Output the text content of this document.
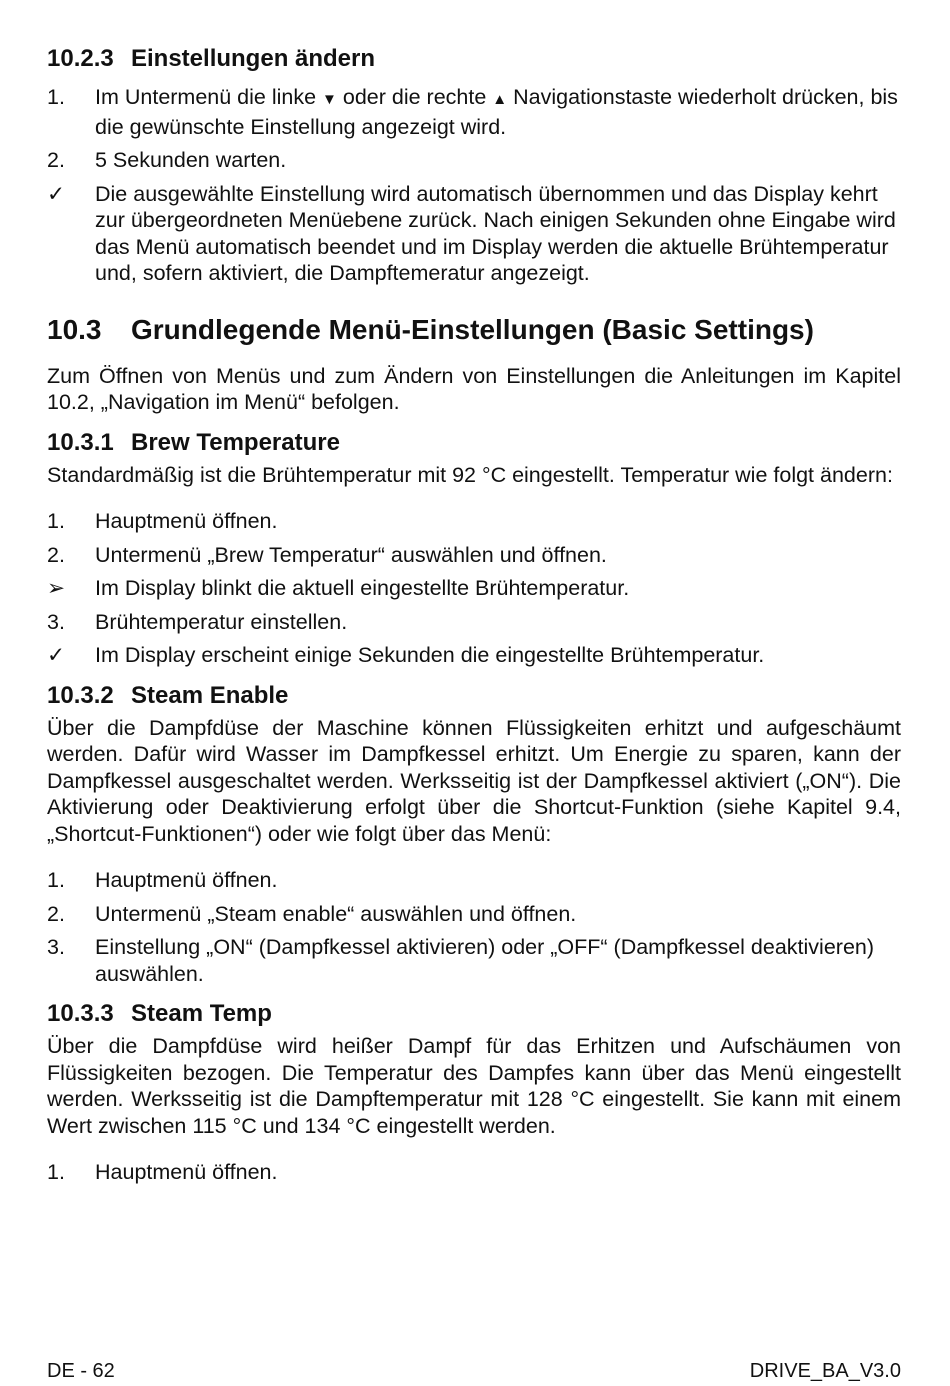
10.2.3 Einstellungen ändern
1.	Im Untermenü die linke ▼ oder die rechte ▲ Navigationstaste wiederholt drücken, bis die gewünschte Einstellung angezeigt wird.
2.	5 Sekunden warten.
✓	Die ausgewählte Einstellung wird automatisch übernommen und das Display kehrt zur übergeordneten Menüebene zurück. Nach einigen Sekunden ohne Eingabe wird das Menü automatisch beendet und im Display werden die aktuelle Brühtemperatur und, sofern aktiviert, die Dampftemeratur angezeigt.
10.3 Grundlegende Menü-Einstellungen (Basic Settings)

Zum Öffnen von Menüs und zum Ändern von Einstellungen die Anleitungen im Kapitel 10.2, „Navigation im Menü“ befolgen.

10.3.1 Brew Temperature

Standardmäßig ist die Brühtemperatur mit 92 °C eingestellt. Temperatur wie folgt ändern:

1.	Hauptmenü öffnen.
2.	Untermenü „Brew Temperatur“ auswählen und öffnen.
➢	Im Display blinkt die aktuell eingestellte Brühtemperatur.
3.	Brühtemperatur einstellen.
✓	Im Display erscheint einige Sekunden die eingestellte Brühtemperatur.
10.3.2 Steam Enable

Über die Dampfdüse der Maschine können Flüssigkeiten erhitzt und aufgeschäumt werden. Dafür wird Wasser im Dampfkessel erhitzt. Um Energie zu sparen, kann der Dampfkessel ausgeschaltet werden. Werksseitig ist der Dampfkessel aktiviert („ON“). Die Aktivierung oder Deaktivierung erfolgt über die Shortcut-Funktion (siehe Kapitel 9.4, „Shortcut-Funktionen“) oder wie folgt über das Menü:

1.	Hauptmenü öffnen.
2.	Untermenü „Steam enable“ auswählen und öffnen.
3.	Einstellung „ON“ (Dampfkessel aktivieren) oder „OFF“ (Dampfkessel deaktivieren) auswählen.
10.3.3 Steam Temp

Über die Dampfdüse wird heißer Dampf für das Erhitzen und Aufschäumen von Flüssigkeiten bezogen. Die Temperatur des Dampfes kann über das Menü eingestellt werden. Werksseitig ist die Dampftemperatur mit 128 °C eingestellt. Sie kann mit einem Wert zwischen 115 °C und 134 °C eingestellt werden.

1.	Hauptmenü öffnen.
DE - 62	DRIVE_BA_V3.0
